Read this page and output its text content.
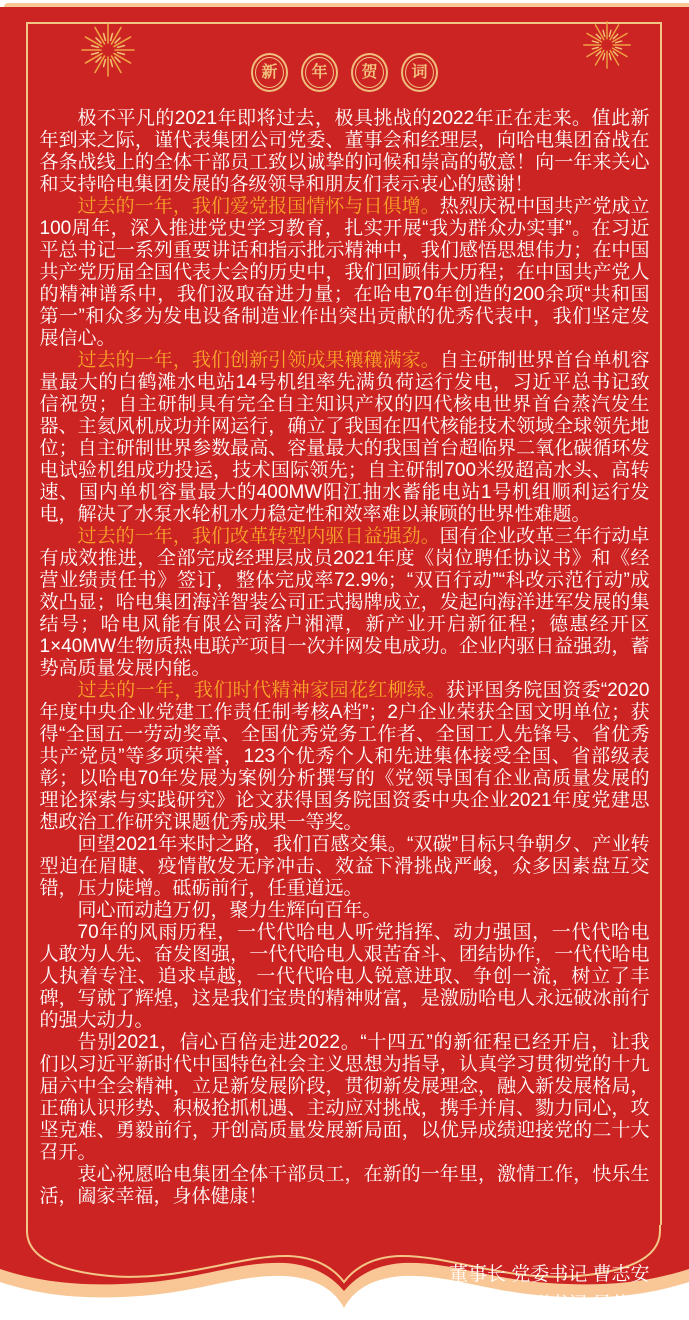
新 年 贺 词

极不平凡的2021年即将过去，极具挑战的2022年正在走来。值此新年到来之际，谨代表集团公司党委、董事会和经理层，向哈电集团奋战在各条战线上的全体干部员工致以诚挚的问候和崇高的敬意！向一年来关心和支持哈电集团发展的各级领导和朋友们表示衷心的感谢！

过去的一年，我们爱党报国情怀与日俱增。热烈庆祝中国共产党成立100周年，深入推进党史学习教育，扎实开展“我为群众办实事”。在习近平总书记一系列重要讲话和指示批示精神中，我们感悟思想伟力；在中国共产党历届全国代表大会的历史中，我们回顾伟大历程；在中国共产党人的精神谱系中，我们汲取奋进力量；在哈电70年创造的200余项“共和国第一”和众多为发电设备制造业作出突出贡献的优秀代表中，我们坚定发展信心。

过去的一年，我们创新引领成果穰穰满家。自主研制世界首台单机容量最大的白鹤滩水电站14号机组率先满负荷运行发电，习近平总书记致信祝贺；自主研制具有完全自主知识产权的四代核电世界首台蒸汽发生器、主氦风机成功并网运行，确立了我国在四代核能技术领域全球领先地位；自主研制世界参数最高、容量最大的我国首台超临界二氧化碳循环发电试验机组成功投运，技术国际领先；自主研制700米级超高水头、高转速、国内单机容量最大的400MW阳江抽水蓄能电站1号机组顺利运行发电，解决了水泵水轮机水力稳定性和效率难以兼顾的世界性难题。

过去的一年，我们改革转型内驱日益强劲。国有企业改革三年行动卓有成效推进，全部完成经理层成员2021年度《岗位聘任协议书》和《经营业绩责任书》签订，整体完成率72.9%；“双百行动”“科改示范行动”成效凸显；哈电集团海洋智装公司正式揭牌成立，发起向海洋进军发展的集结号；哈电风能有限公司落户湘潭，新产业开启新征程；德惠经开区1×40MW生物质热电联产项目一次并网发电成功。企业内驱日益强劲，蓄势高质量发展内能。

过去的一年，我们时代精神家园花红柳绿。获评国务院国资委“2020年度中央企业党建工作责任制考核A档”；2户企业荣获全国文明单位；获得“全国五一劳动奖章、全国优秀党务工作者、全国工人先锋号、省优秀共产党员”等多项荣誉，123个优秀个人和先进集体接受全国、省部级表彰；以哈电70年发展为案例分析撰写的《党领导国有企业高质量发展的理论探索与实践研究》论文获得国务院国资委中央企业2021年度党建思想政治工作研究课题优秀成果一等奖。

回望2021年来时之路，我们百感交集。“双碳”目标只争朝夕、产业转型迫在眉睫、疫情散发无序冲击、效益下滑挑战严峻，众多因素盘互交错，压力陡增。砥砺前行，任重道远。

同心而动趋万仞，聚力生辉向百年。

70年的风雨历程，一代代哈电人听党指挥、动力强国，一代代哈电人敢为人先、奋发图强，一代代哈电人艰苦奋斗、团结协作，一代代哈电人执着专注、追求卓越，一代代哈电人锐意进取、争创一流，树立了丰碑，写就了辉煌，这是我们宝贵的精神财富，是激励哈电人永远破冰前行的强大动力。

告别2021，信心百倍走进2022。“十四五”的新征程已经开启，让我们以习近平新时代中国特色社会主义思想为指导，认真学习贯彻党的十九届六中全会精神，立足新发展阶段，贯彻新发展理念，融入新发展格局，正确认识形势、积极抢抓机遇、主动应对挑战，携手并肩、勠力同心，攻坚克难、勇毅前行，开创高质量发展新局面，以优异成绩迎接党的二十大召开。

衷心祝愿哈电集团全体干部员工，在新的一年里，激情工作，快乐生活，阖家幸福，身体健康！

董事长 党委书记 曹志安
总经理 党委副书记 吴伟章
